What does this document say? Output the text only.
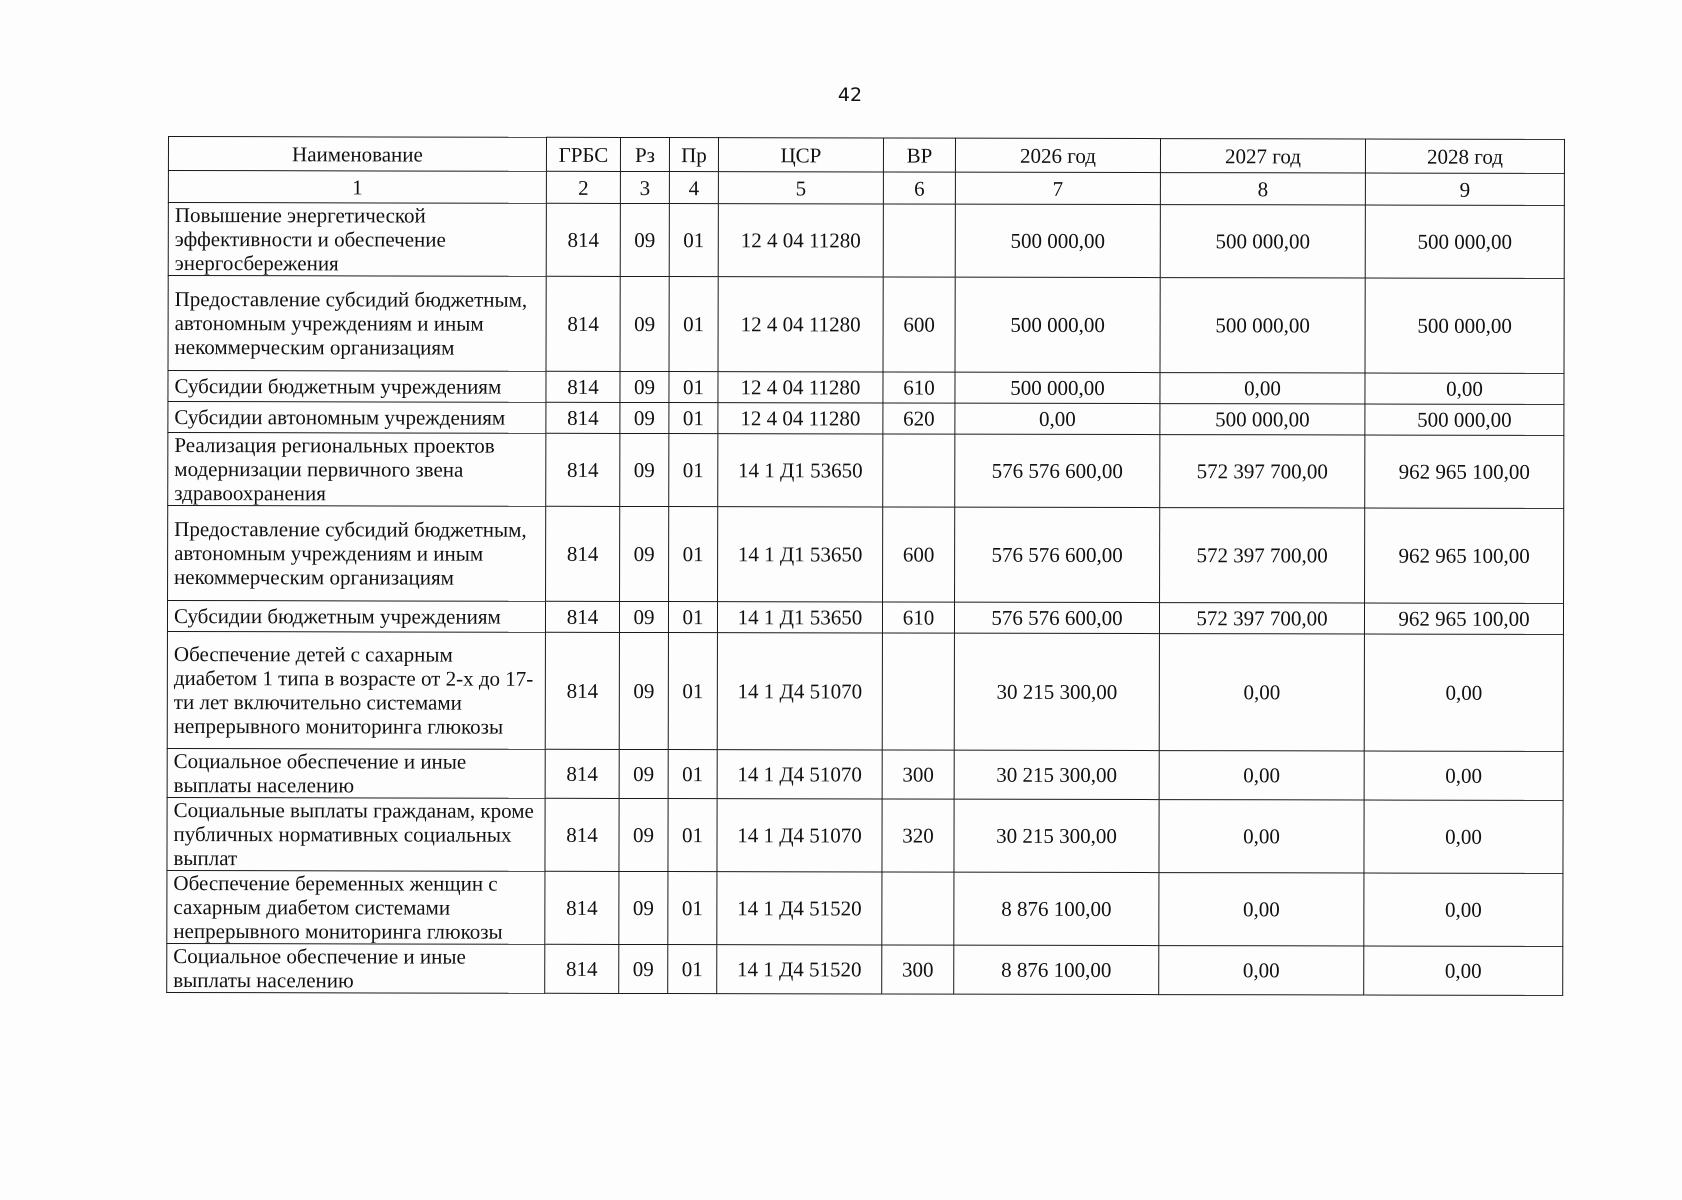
42
Наименование	ГРБС	Рз	Пр	ЦСР	ВР	2026 год	2027 год	2028 год
1	2	3	4	5	6	7	8	9
Повышение энергетической эффективности и обеспечение энергосбережения	814	09	01	12 4 04 11280		500 000,00	500 000,00	500 000,00
Предоставление субсидий бюджетным, автономным учреждениям и иным некоммерческим организациям	814	09	01	12 4 04 11280	600	500 000,00	500 000,00	500 000,00
Субсидии бюджетным учреждениям	814	09	01	12 4 04 11280	610	500 000,00	0,00	0,00
Субсидии автономным учреждениям	814	09	01	12 4 04 11280	620	0,00	500 000,00	500 000,00
Реализация региональных проектов модернизации первичного звена здравоохранения	814	09	01	14 1 Д1 53650		576 576 600,00	572 397 700,00	962 965 100,00
Предоставление субсидий бюджетным, автономным учреждениям и иным некоммерческим организациям	814	09	01	14 1 Д1 53650	600	576 576 600,00	572 397 700,00	962 965 100,00
Субсидии бюджетным учреждениям	814	09	01	14 1 Д1 53650	610	576 576 600,00	572 397 700,00	962 965 100,00
Обеспечение детей с сахарным диабетом 1 типа в возрасте от 2-х до 17-ти лет включительно системами непрерывного мониторинга глюкозы	814	09	01	14 1 Д4 51070		30 215 300,00	0,00	0,00
Социальное обеспечение и иные выплаты населению	814	09	01	14 1 Д4 51070	300	30 215 300,00	0,00	0,00
Социальные выплаты гражданам, кроме публичных нормативных социальных выплат	814	09	01	14 1 Д4 51070	320	30 215 300,00	0,00	0,00
Обеспечение беременных женщин с сахарным диабетом системами непрерывного мониторинга глюкозы	814	09	01	14 1 Д4 51520		8 876 100,00	0,00	0,00
Социальное обеспечение и иные выплаты населению	814	09	01	14 1 Д4 51520	300	8 876 100,00	0,00	0,00
